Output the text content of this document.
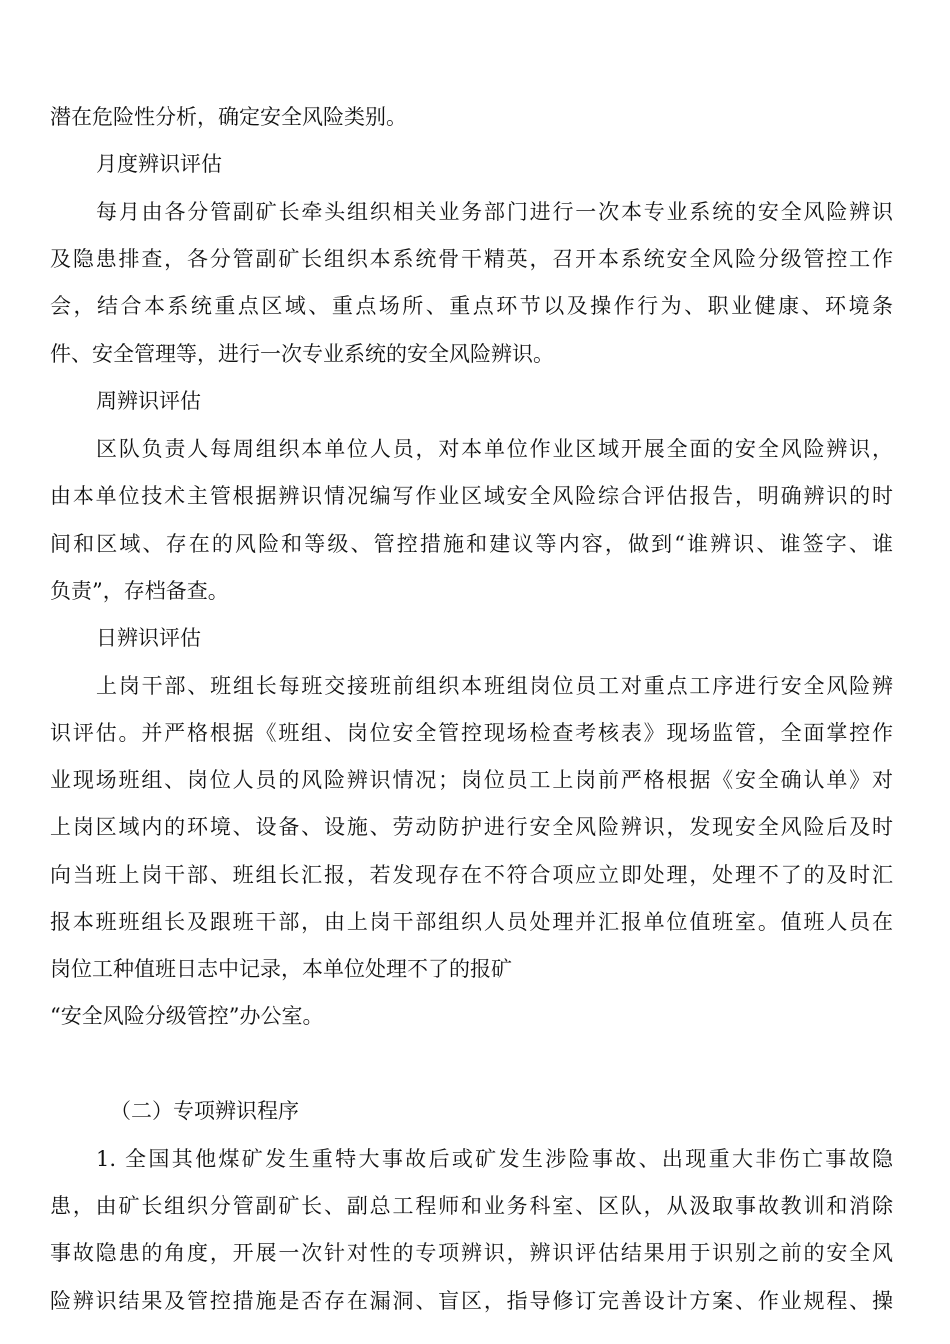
潜在危险性分析，确定安全风险类别。
月度辨识评估
每月由各分管副矿长牵头组织相关业务部门进行一次本专业系统的安全风险辨识
及隐患排查，各分管副矿长组织本系统骨干精英，召开本系统安全风险分级管控工作
会，结合本系统重点区域、重点场所、重点环节以及操作行为、职业健康、环境条
件、安全管理等，进行一次专业系统的安全风险辨识。
周辨识评估
区队负责人每周组织本单位人员，对本单位作业区域开展全面的安全风险辨识，
由本单位技术主管根据辨识情况编写作业区域安全风险综合评估报告，明确辨识的时
间和区域、存在的风险和等级、管控措施和建议等内容，做到“谁辨识、谁签字、谁
负责”，存档备查。
日辨识评估
上岗干部、班组长每班交接班前组织本班组岗位员工对重点工序进行安全风险辨
识评估。并严格根据《班组、岗位安全管控现场检查考核表》现场监管，全面掌控作
业现场班组、岗位人员的风险辨识情况；岗位员工上岗前严格根据《安全确认单》对
上岗区域内的环境、设备、设施、劳动防护进行安全风险辨识，发现安全风险后及时
向当班上岗干部、班组长汇报，若发现存在不符合项应立即处理，处理不了的及时汇
报本班班组长及跟班干部，由上岗干部组织人员处理并汇报单位值班室。值班人员在
岗位工种值班日志中记录，本单位处理不了的报矿
“安全风险分级管控”办公室。
（二）专项辨识程序
1. 全国其他煤矿发生重特大事故后或矿发生涉险事故、出现重大非伤亡事故隐
患，由矿长组织分管副矿长、副总工程师和业务科室、区队，从汲取事故教训和消除
事故隐患的角度，开展一次针对性的专项辨识，辨识评估结果用于识别之前的安全风
险辨识结果及管控措施是否存在漏洞、盲区，指导修订完善设计方案、作业规程、操
